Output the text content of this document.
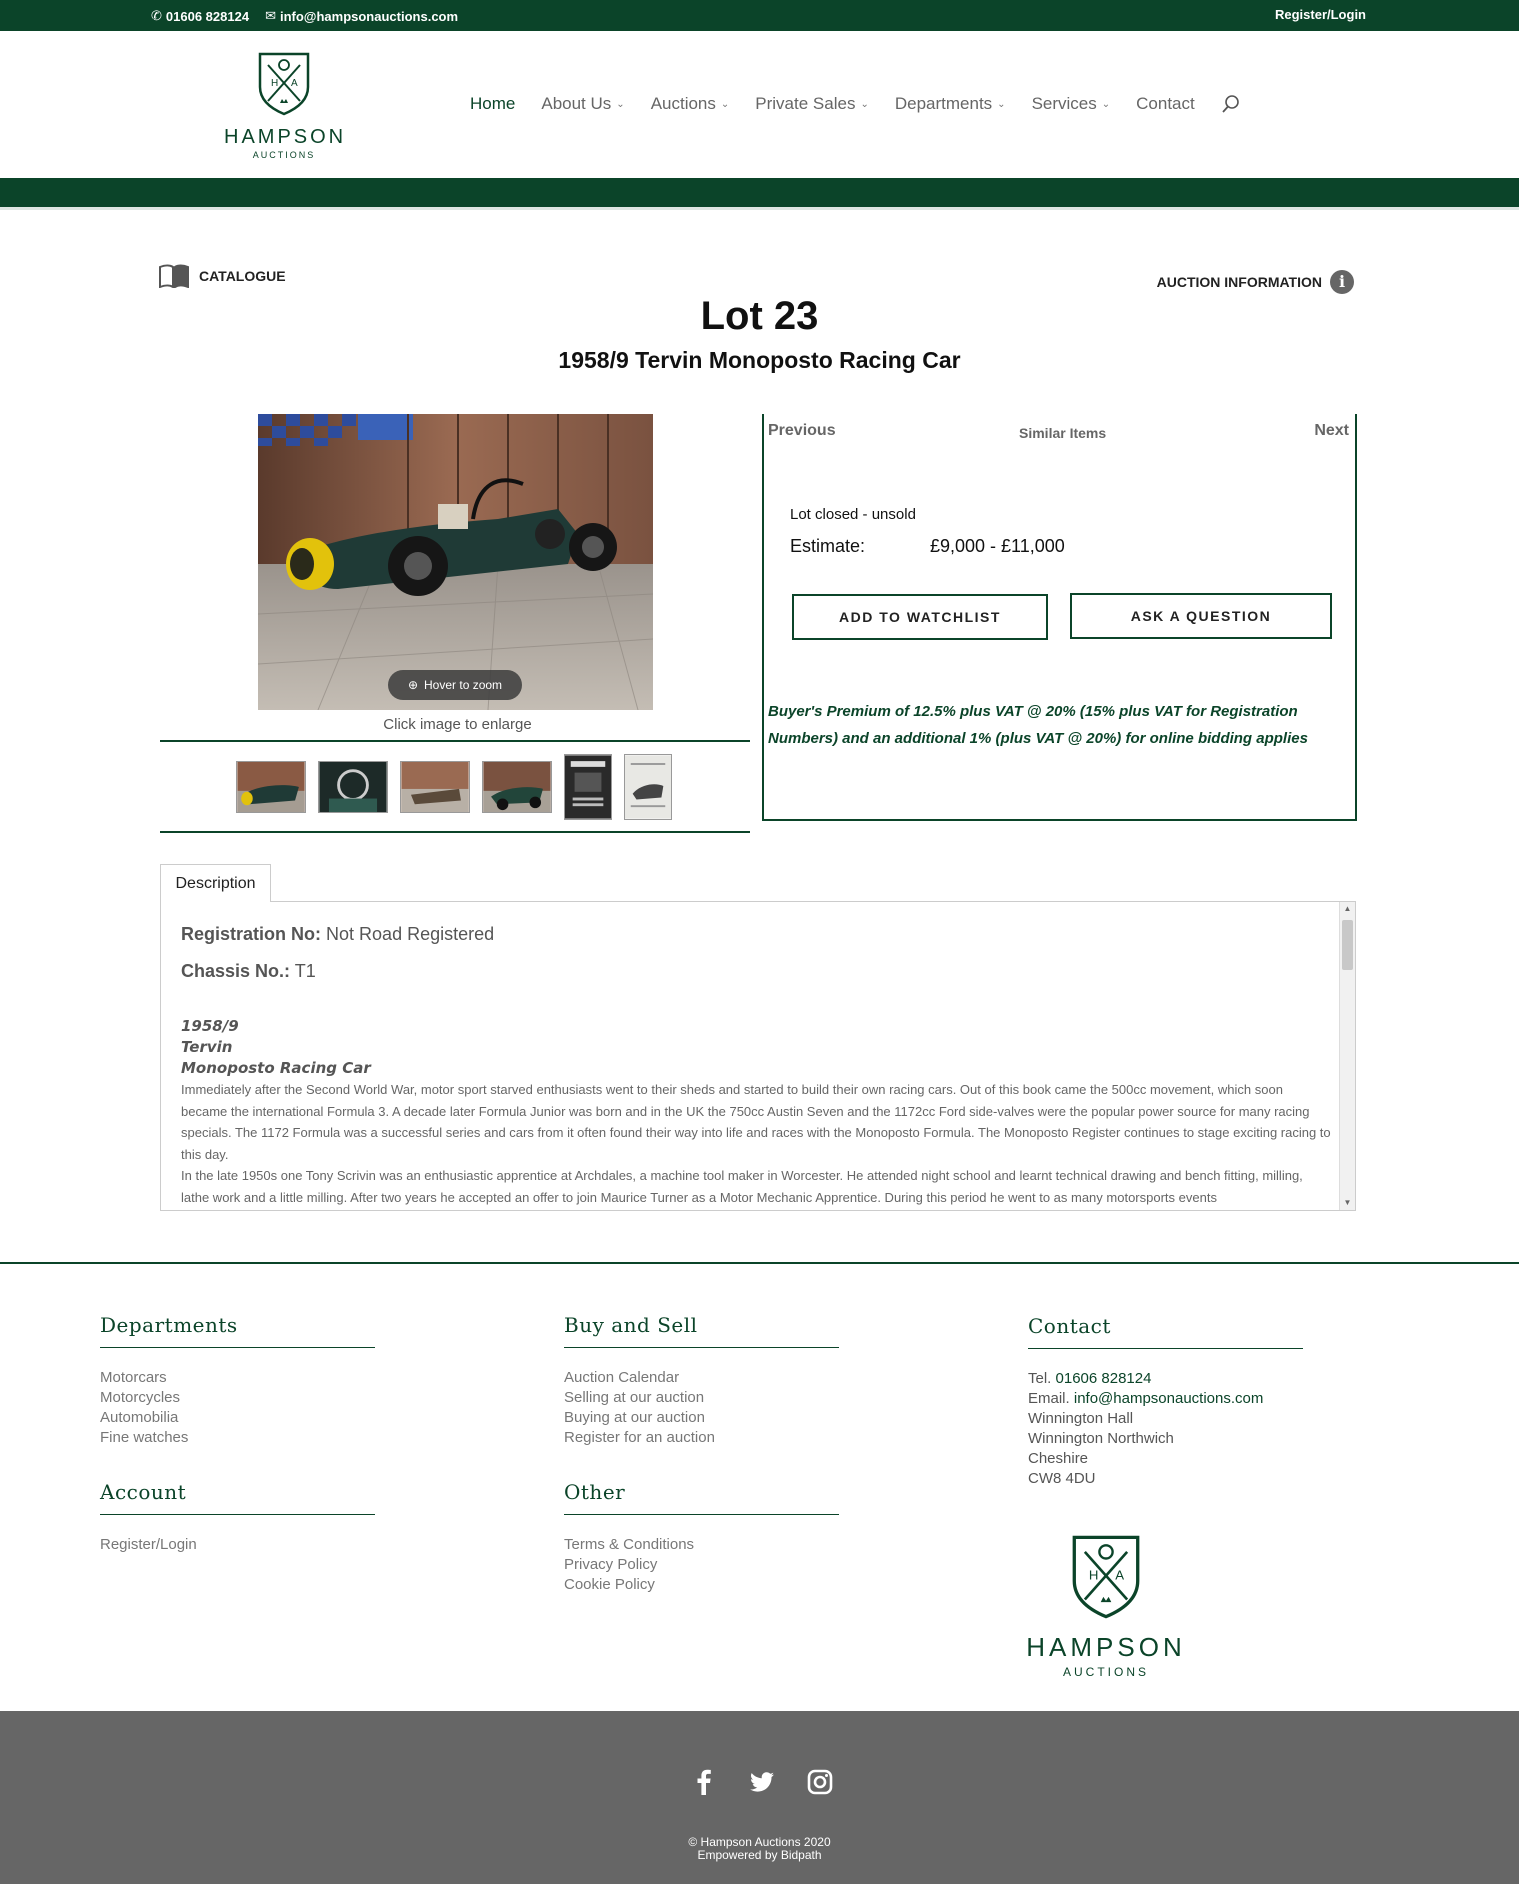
✆ 01606 828124 ✉ info@hampsonauctions.com	Register/Login
H A
HAMPSON
AUCTIONS
Home About Us ⌄ Auctions ⌄ Private Sales ⌄ Departments ⌄ Services ⌄ Contact
CATALOGUE	AUCTION INFORMATION	i
Lot 23
1958/9 Tervin Monoposto Racing Car
⊕ Hover to zoom
Click image to enlarge
Previous	Similar Items	Next
Lot closed - unsold
Estimate:	£9,000 - £11,000
ADD TO WATCHLIST	ASK A QUESTION
Buyer's Premium of 12.5% plus VAT @ 20% (15% plus VAT for Registration Numbers) and an additional 1% (plus VAT @ 20%) for online bidding applies
Description
Registration No: Not Road Registered
Chassis No.: T1
1958/9
Tervin
Monoposto Racing Car

Immediately after the Second World War, motor sport starved enthusiasts went to their sheds and started to build their own racing cars. Out of this book came the 500cc movement, which soon became the international Formula 3. A decade later Formula Junior was born and in the UK the 750cc Austin Seven and the 1172cc Ford side-valves were the popular power source for many racing specials. The 1172 Formula was a successful series and cars from it often found their way into life and races with the Monoposto Formula. The Monoposto Register continues to stage exciting racing to this day.

In the late 1950s one Tony Scrivin was an enthusiastic apprentice at Archdales, a machine tool maker in Worcester. He attended night school and learnt technical drawing and bench fitting, milling, lathe work and a little milling. After two years he accepted an offer to join Maurice Turner as a Motor Mechanic Apprentice. During this period he went to as many motorsports events

▲
▼
Departments
Motorcars
Motorcycles
Automobilia
Fine watches
Account
Register/Login
Buy and Sell
Auction Calendar
Selling at our auction
Buying at our auction
Register for an auction
Other
Terms & Conditions
Privacy Policy
Cookie Policy
Contact
Tel. 01606 828124
Email. info@hampsonauctions.com
Winnington Hall
Winnington Northwich
Cheshire
CW8 4DU
H A
HAMPSON
AUCTIONS
© Hampson Auctions 2020
Empowered by Bidpath
